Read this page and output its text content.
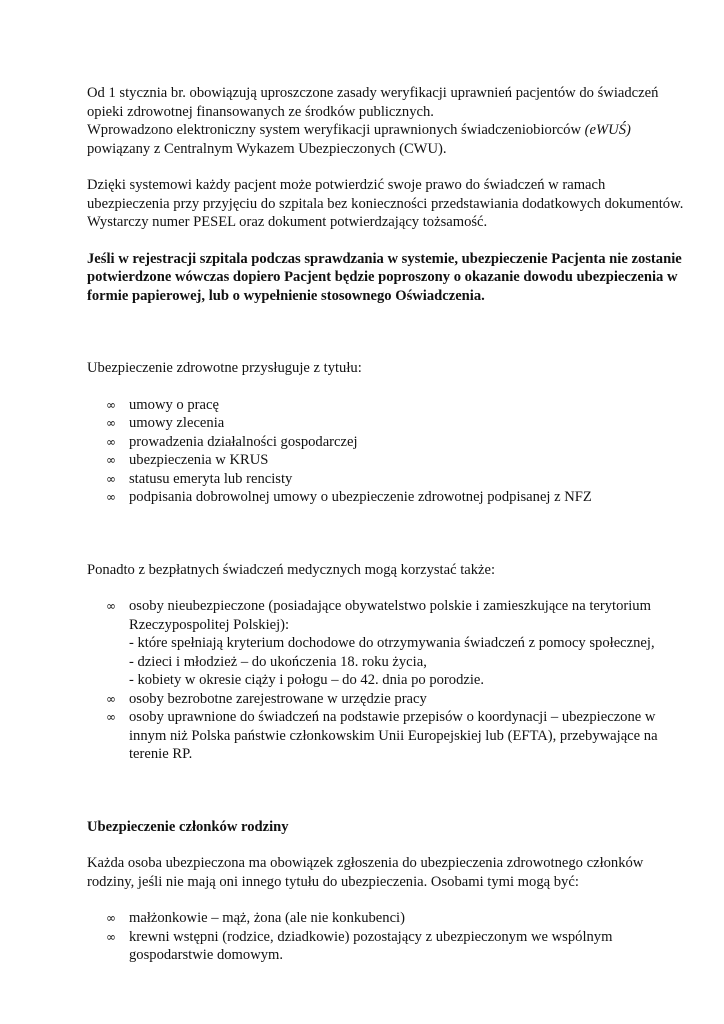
Od 1 stycznia br. obowiązują uproszczone zasady weryfikacji uprawnień pacjentów do świadczeń opieki zdrowotnej finansowanych ze środków publicznych.
Wprowadzono elektroniczny system weryfikacji uprawnionych świadczeniobiorców (eWUŚ) powiązany z Centralnym Wykazem Ubezpieczonych (CWU).

Dzięki systemowi każdy pacjent może potwierdzić swoje prawo do świadczeń w ramach ubezpieczenia przy przyjęciu do szpitala bez konieczności przedstawiania dodatkowych dokumentów. Wystarczy numer PESEL oraz dokument potwierdzający tożsamość.

Jeśli w rejestracji szpitala podczas sprawdzania w systemie, ubezpieczenie Pacjenta nie zostanie potwierdzone wówczas dopiero Pacjent będzie poproszony o okazanie dowodu ubezpieczenia w formie papierowej, lub o wypełnienie stosownego Oświadczenia.

Ubezpieczenie zdrowotne przysługuje z tytułu:

∞ umowy o pracę
∞ umowy zlecenia
∞ prowadzenia działalności gospodarczej
∞ ubezpieczenia w KRUS
∞ statusu emeryta lub rencisty
∞ podpisania dobrowolnej umowy o ubezpieczenie zdrowotnej podpisanej z NFZ

Ponadto z bezpłatnych świadczeń medycznych mogą korzystać także:

∞ osoby nieubezpieczone (posiadające obywatelstwo polskie i zamieszkujące na terytorium Rzeczypospolitej Polskiej):
- które spełniają kryterium dochodowe do otrzymywania świadczeń z pomocy społecznej,
- dzieci i młodzież – do ukończenia 18. roku życia,
- kobiety w okresie ciąży i połogu – do 42. dnia po porodzie.
∞ osoby bezrobotne zarejestrowane w urzędzie pracy
∞ osoby uprawnione do świadczeń na podstawie przepisów o koordynacji – ubezpieczone w innym niż Polska państwie członkowskim Unii Europejskiej lub (EFTA), przebywające na terenie RP.

Ubezpieczenie członków rodziny

Każda osoba ubezpieczona ma obowiązek zgłoszenia do ubezpieczenia zdrowotnego członków rodziny, jeśli nie mają oni innego tytułu do ubezpieczenia. Osobami tymi mogą być:

∞ małżonkowie – mąż, żona (ale nie konkubenci)
∞ krewni wstępni (rodzice, dziadkowie) pozostający z ubezpieczonym we wspólnym gospodarstwie domowym.
